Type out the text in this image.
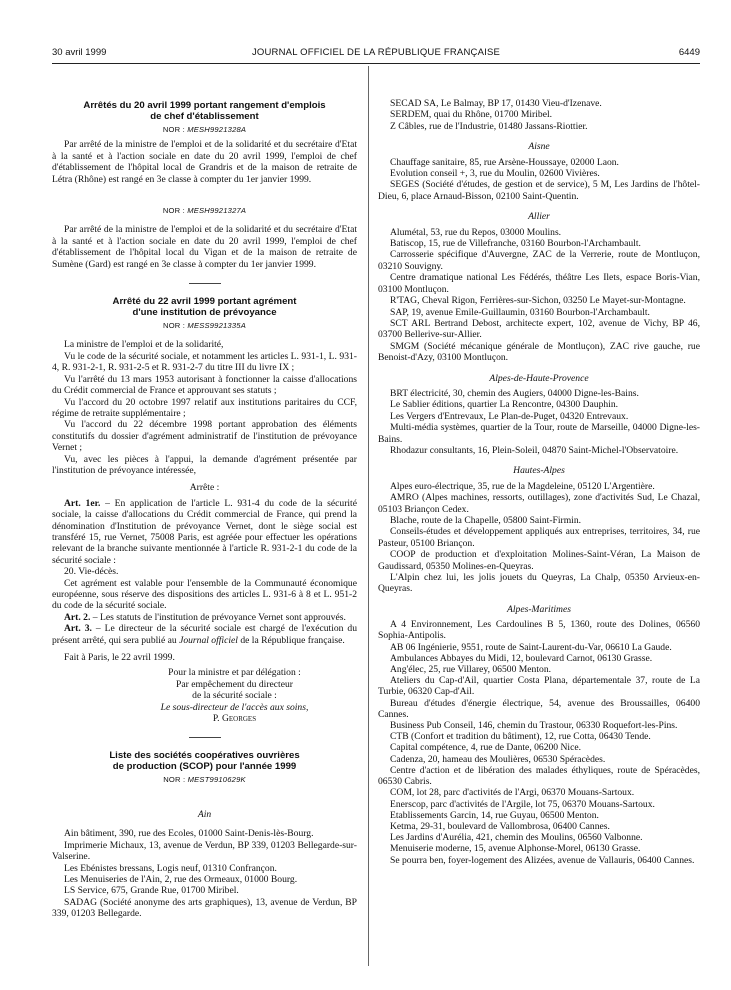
30 avril 1999	JOURNAL OFFICIEL DE LA RÉPUBLIQUE FRANÇAISE	6449

Arrêtés du 20 avril 1999 portant rangement d'emplois

de chef d'établissement

NOR : MESH9921328A

Par arrêté de la ministre de l'emploi et de la solidarité et du secrétaire d'Etat à la santé et à l'action sociale en date du 20 avril 1999, l'emploi de chef d'établissement de l'hôpital local de Grandris et de la maison de retraite de Létra (Rhône) est rangé en 3e classe à compter du 1er janvier 1999.

NOR : MESH9921327A

Par arrêté de la ministre de l'emploi et de la solidarité et du secrétaire d'Etat à la santé et à l'action sociale en date du 20 avril 1999, l'emploi de chef d'établissement de l'hôpital local du Vigan et de la maison de retraite de Sumène (Gard) est rangé en 3e classe à compter du 1er janvier 1999.

Arrêté du 22 avril 1999 portant agrément

d'une institution de prévoyance

NOR : MESS9921335A

La ministre de l'emploi et de la solidarité,

Vu le code de la sécurité sociale, et notamment les articles L. 931-1, L. 931-4, R. 931-2-1, R. 931-2-5 et R. 931-2-7 du titre III du livre IX ;

Vu l'arrêté du 13 mars 1953 autorisant à fonctionner la caisse d'allocations du Crédit commercial de France et approuvant ses statuts ;

Vu l'accord du 20 octobre 1997 relatif aux institutions paritaires du CCF, régime de retraite supplémentaire ;

Vu l'accord du 22 décembre 1998 portant approbation des éléments constitutifs du dossier d'agrément administratif de l'institution de prévoyance Vernet ;

Vu, avec les pièces à l'appui, la demande d'agrément présentée par l'institution de prévoyance intéressée,

Arrête :

Art. 1er. – En application de l'article L. 931-4 du code de la sécurité sociale, la caisse d'allocations du Crédit commercial de France, qui prend la dénomination d'Institution de prévoyance Vernet, dont le siège social est transféré 15, rue Vernet, 75008 Paris, est agréée pour effectuer les opérations relevant de la branche suivante mentionnée à l'article R. 931-2-1 du code de la sécurité sociale :

20. Vie-décès.

Cet agrément est valable pour l'ensemble de la Communauté économique européenne, sous réserve des dispositions des articles L. 931-6 à 8 et L. 951-2 du code de la sécurité sociale.

Art. 2. – Les statuts de l'institution de prévoyance Vernet sont approuvés.

Art. 3. – Le directeur de la sécurité sociale est chargé de l'exécution du présent arrêté, qui sera publié au Journal officiel de la République française.

Fait à Paris, le 22 avril 1999.

Pour la ministre et par délégation :

Par empêchement du directeur

de la sécurité sociale :

Le sous-directeur de l'accès aux soins,

P. Georges

Liste des sociétés coopératives ouvrières

de production (SCOP) pour l'année 1999

NOR : MEST9910629K

Ain

Ain bâtiment, 390, rue des Ecoles, 01000 Saint-Denis-lès-Bourg.

Imprimerie Michaux, 13, avenue de Verdun, BP 339, 01203 Bellegarde-sur-Valserine.

Les Ebénistes bressans, Logis neuf, 01310 Confrançon.

Les Menuiseries de l'Ain, 2, rue des Ormeaux, 01000 Bourg.

LS Service, 675, Grande Rue, 01700 Miribel.

SADAG (Société anonyme des arts graphiques), 13, avenue de Verdun, BP 339, 01203 Bellegarde.

SECAD SA, Le Balmay, BP 17, 01430 Vieu-d'Izenave.

SERDEM, quai du Rhône, 01700 Miribel.

Z Câbles, rue de l'Industrie, 01480 Jassans-Riottier.

Aisne

Chauffage sanitaire, 85, rue Arsène-Houssaye, 02000 Laon.

Evolution conseil +, 3, rue du Moulin, 02600 Vivières.

SEGES (Société d'études, de gestion et de service), 5 M, Les Jardins de l'hôtel-Dieu, 6, place Arnaud-Bisson, 02100 Saint-Quentin.

Allier

Alumétal, 53, rue du Repos, 03000 Moulins.

Batiscop, 15, rue de Villefranche, 03160 Bourbon-l'Archambault.

Carrosserie spécifique d'Auvergne, ZAC de la Verrerie, route de Montluçon, 03210 Souvigny.

Centre dramatique national Les Fédérés, théâtre Les Ilets, espace Boris-Vian, 03100 Montluçon.

R'TAG, Cheval Rigon, Ferrières-sur-Sichon, 03250 Le Mayet-sur-Montagne.

SAP, 19, avenue Emile-Guillaumin, 03160 Bourbon-l'Archambault.

SCT ARL Bertrand Debost, architecte expert, 102, avenue de Vichy, BP 46, 03700 Bellerive-sur-Allier.

SMGM (Société mécanique générale de Montluçon), ZAC rive gauche, rue Benoist-d'Azy, 03100 Montluçon.

Alpes-de-Haute-Provence

BRT électricité, 30, chemin des Augiers, 04000 Digne-les-Bains.

Le Sablier éditions, quartier La Rencontre, 04300 Dauphin.

Les Vergers d'Entrevaux, Le Plan-de-Puget, 04320 Entrevaux.

Multi-média systèmes, quartier de la Tour, route de Marseille, 04000 Digne-les-Bains.

Rhodazur consultants, 16, Plein-Soleil, 04870 Saint-Michel-l'Observatoire.

Hautes-Alpes

Alpes euro-électrique, 35, rue de la Magdeleine, 05120 L'Argentière.

AMRO (Alpes machines, ressorts, outillages), zone d'activités Sud, Le Chazal, 05103 Briançon Cedex.

Blache, route de la Chapelle, 05800 Saint-Firmin.

Conseils-études et développement appliqués aux entreprises, territoires, 34, rue Pasteur, 05100 Briançon.

COOP de production et d'exploitation Molines-Saint-Véran, La Maison de Gaudissard, 05350 Molines-en-Queyras.

L'Alpin chez lui, les jolis jouets du Queyras, La Chalp, 05350 Arvieux-en-Queyras.

Alpes-Maritimes

A 4 Environnement, Les Cardoulines B 5, 1360, route des Dolines, 06560 Sophia-Antipolis.

AB 06 Ingénierie, 9551, route de Saint-Laurent-du-Var, 06610 La Gaude.

Ambulances Abbayes du Midi, 12, boulevard Carnot, 06130 Grasse.

Ang'élec, 25, rue Villarey, 06500 Menton.

Ateliers du Cap-d'Ail, quartier Costa Plana, départementale 37, route de La Turbie, 06320 Cap-d'Ail.

Bureau d'études d'énergie électrique, 54, avenue des Broussailles, 06400 Cannes.

Business Pub Conseil, 146, chemin du Trastour, 06330 Roquefort-les-Pins.

CTB (Confort et tradition du bâtiment), 12, rue Cotta, 06430 Tende.

Capital compétence, 4, rue de Dante, 06200 Nice.

Cadenza, 20, hameau des Moulières, 06530 Spéracèdes.

Centre d'action et de libération des malades éthyliques, route de Spéracèdes, 06530 Cabris.

COM, lot 28, parc d'activités de l'Argi, 06370 Mouans-Sartoux.

Enerscop, parc d'activités de l'Argile, lot 75, 06370 Mouans-Sartoux.

Etablissements Garcin, 14, rue Guyau, 06500 Menton.

Ketma, 29-31, boulevard de Vallombrosa, 06400 Cannes.

Les Jardins d'Aurélia, 421, chemin des Moulins, 06560 Valbonne.

Menuiserie moderne, 15, avenue Alphonse-Morel, 06130 Grasse.

Se pourra ben, foyer-logement des Alizées, avenue de Vallauris, 06400 Cannes.
